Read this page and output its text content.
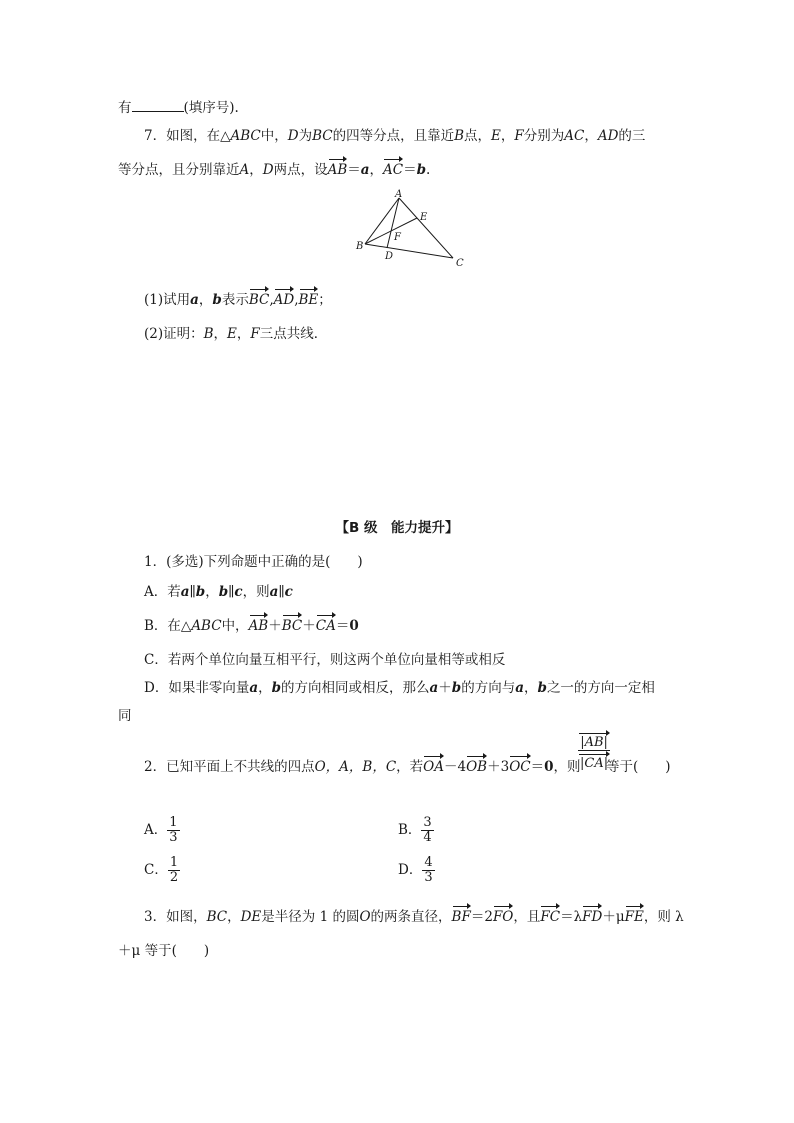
有	(填序号).
7．如图，在△ABC中，D为BC的四等分点，且靠近B点，E，F分别为AC，AD的三
等分点，且分别靠近A，D两点，设AB＝a，AC＝b.
A
B
C
D
E
F
(1)试用a，b表示BC,AD,BE；
(2)证明：B，E，F三点共线．
【B 级　能力提升】
1．(多选)下列命题中正确的是(　　)
A．若a∥b，b∥c，则a∥c
B．在△ABC中，AB＋BC＋CA＝0
C．若两个单位向量互相平行，则这两个单位向量相等或相反
D．如果非零向量a，b的方向相同或相反，那么a＋b的方向与a，b之一的方向一定相
同
2．已知平面上不共线的四点O，A，B，C，若OA－4OB＋3OC＝0，则
$\frac{|AB|}{|CA|}$
等于(　　)
A． $\frac{1}{3}$	B． $\frac{3}{4}$
C． $\frac{1}{2}$	D． $\frac{4}{3}$
3．如图，BC，DE是半径为 1 的圆O的两条直径，BF＝2FO，且FC＝λFD＋μFE，则 λ
＋μ 等于(　　)
